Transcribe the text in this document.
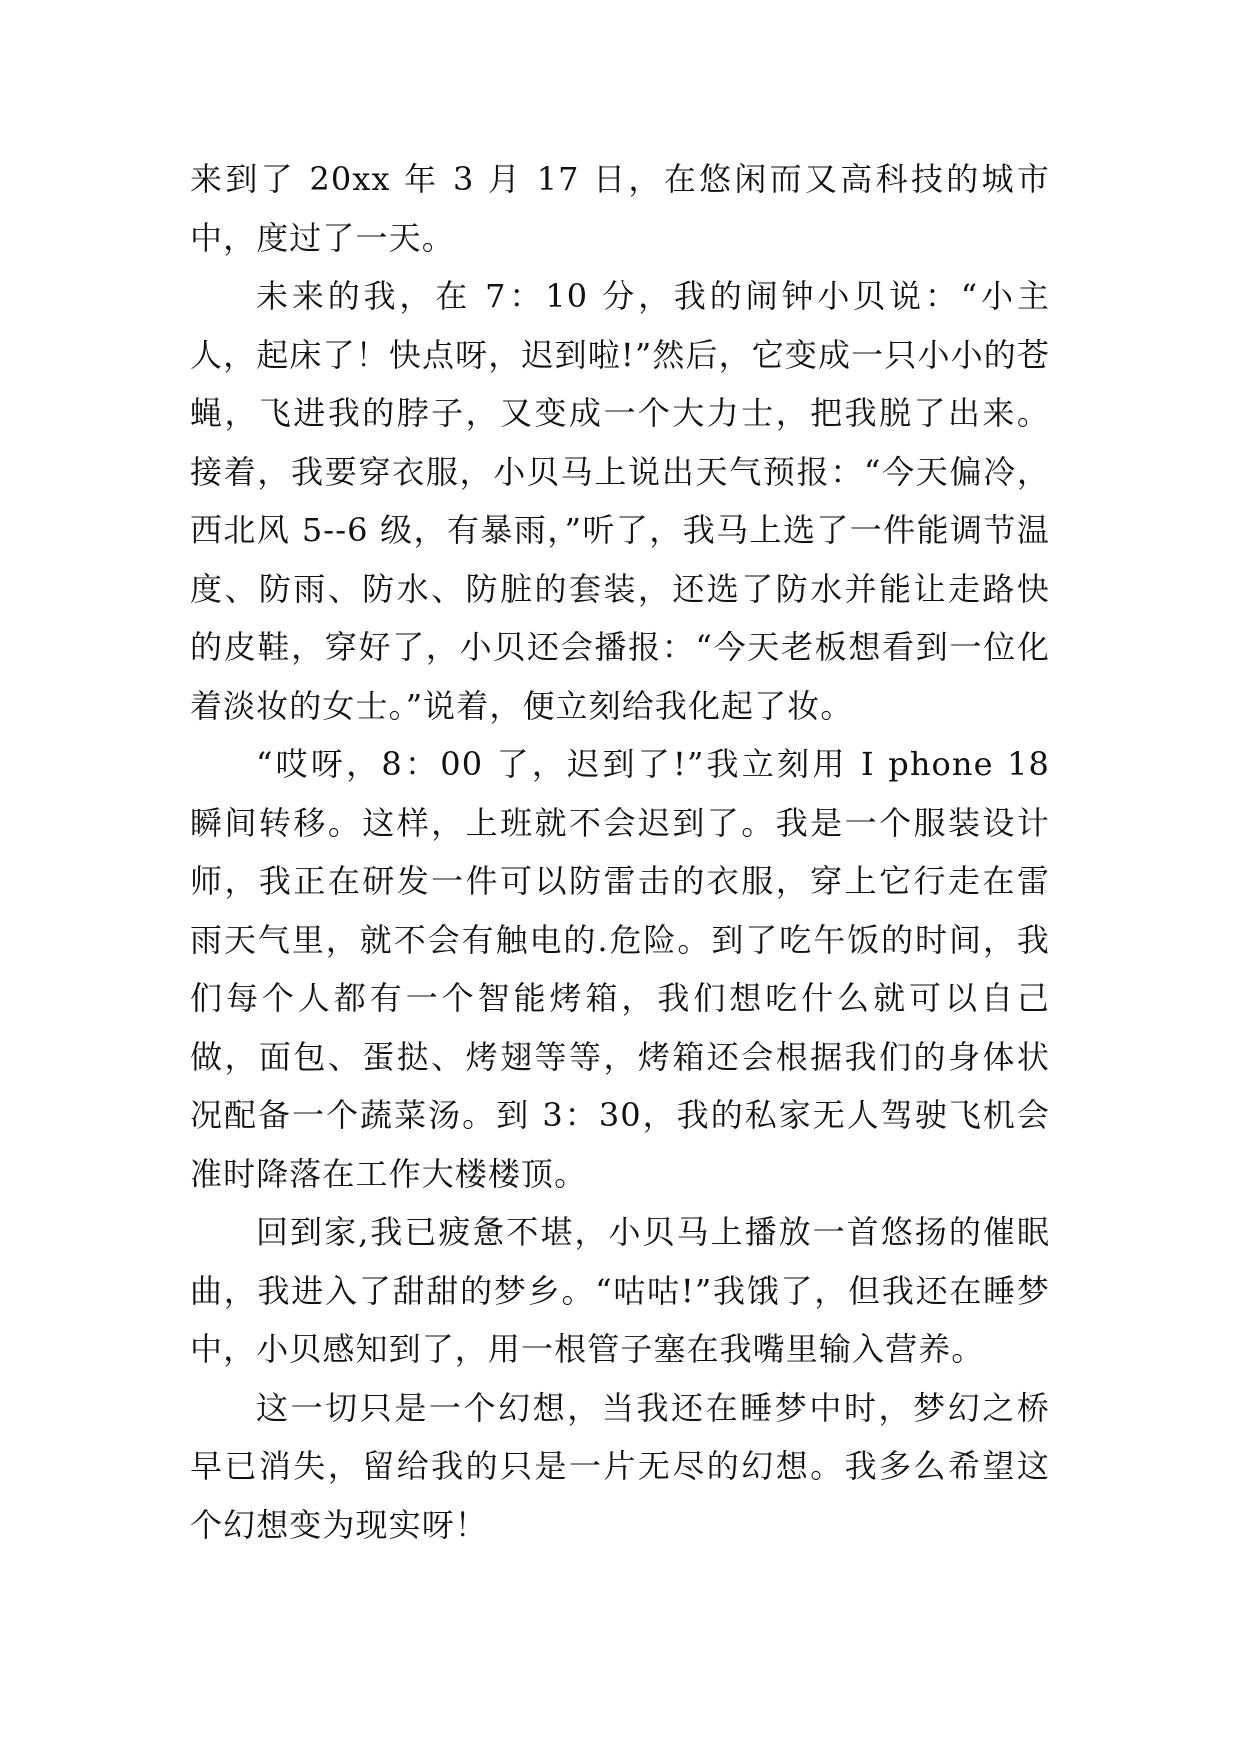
来到了 20xx 年 3 月 17 日，在悠闲而又高科技的城市中，度过了一天。

未来的我，在 7：10 分，我的闹钟小贝说：“小主人，起床了！快点呀，迟到啦!”然后，它变成一只小小的苍蝇，飞进我的脖子，又变成一个大力士，把我脱了出来。接着，我要穿衣服，小贝马上说出天气预报：“今天偏冷，西北风 5--6 级，有暴雨，”听了，我马上选了一件能调节温度、防雨、防水、防脏的套装，还选了防水并能让走路快的皮鞋，穿好了，小贝还会播报：“今天老板想看到一位化着淡妆的女士。”说着，便立刻给我化起了妆。

“哎呀，8：00 了，迟到了!”我立刻用 I phone 18 瞬间转移。这样，上班就不会迟到了。我是一个服装设计师，我正在研发一件可以防雷击的衣服，穿上它行走在雷雨天气里，就不会有触电的.危险。到了吃午饭的时间，我们每个人都有一个智能烤箱，我们想吃什么就可以自己做，面包、蛋挞、烤翅等等，烤箱还会根据我们的身体状况配备一个蔬菜汤。到 3：30，我的私家无人驾驶飞机会准时降落在工作大楼楼顶。

回到家,我已疲惫不堪，小贝马上播放一首悠扬的催眠曲，我进入了甜甜的梦乡。“咕咕!”我饿了，但我还在睡梦中，小贝感知到了，用一根管子塞在我嘴里输入营养。

这一切只是一个幻想，当我还在睡梦中时，梦幻之桥早已消失，留给我的只是一片无尽的幻想。我多么希望这个幻想变为现实呀！
